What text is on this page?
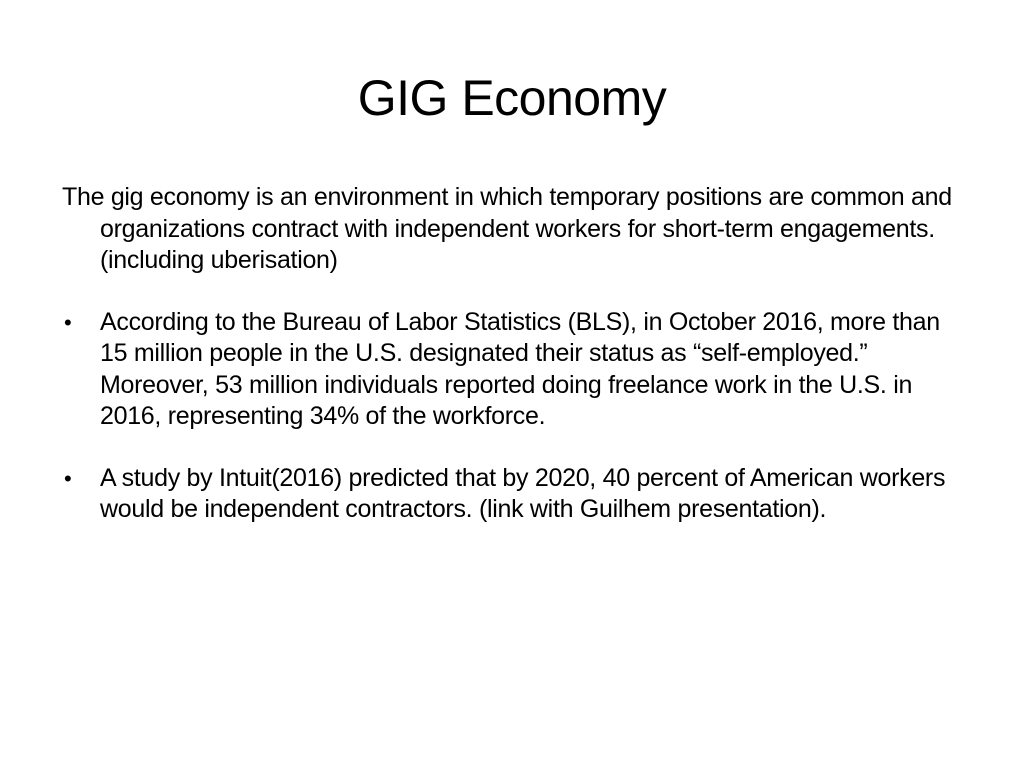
GIG Economy

The gig economy is an environment in which temporary positions are common and organizations contract with independent workers for short-term engagements. (including uberisation)

• According to the Bureau of Labor Statistics (BLS), in October 2016, more than 15 million people in the U.S. designated their status as “self-employed.” Moreover, 53 million individuals reported doing freelance work in the U.S. in 2016, representing 34% of the workforce.
• A study by Intuit(2016) predicted that by 2020, 40 percent of American workers would be independent contractors. (link with Guilhem presentation).
